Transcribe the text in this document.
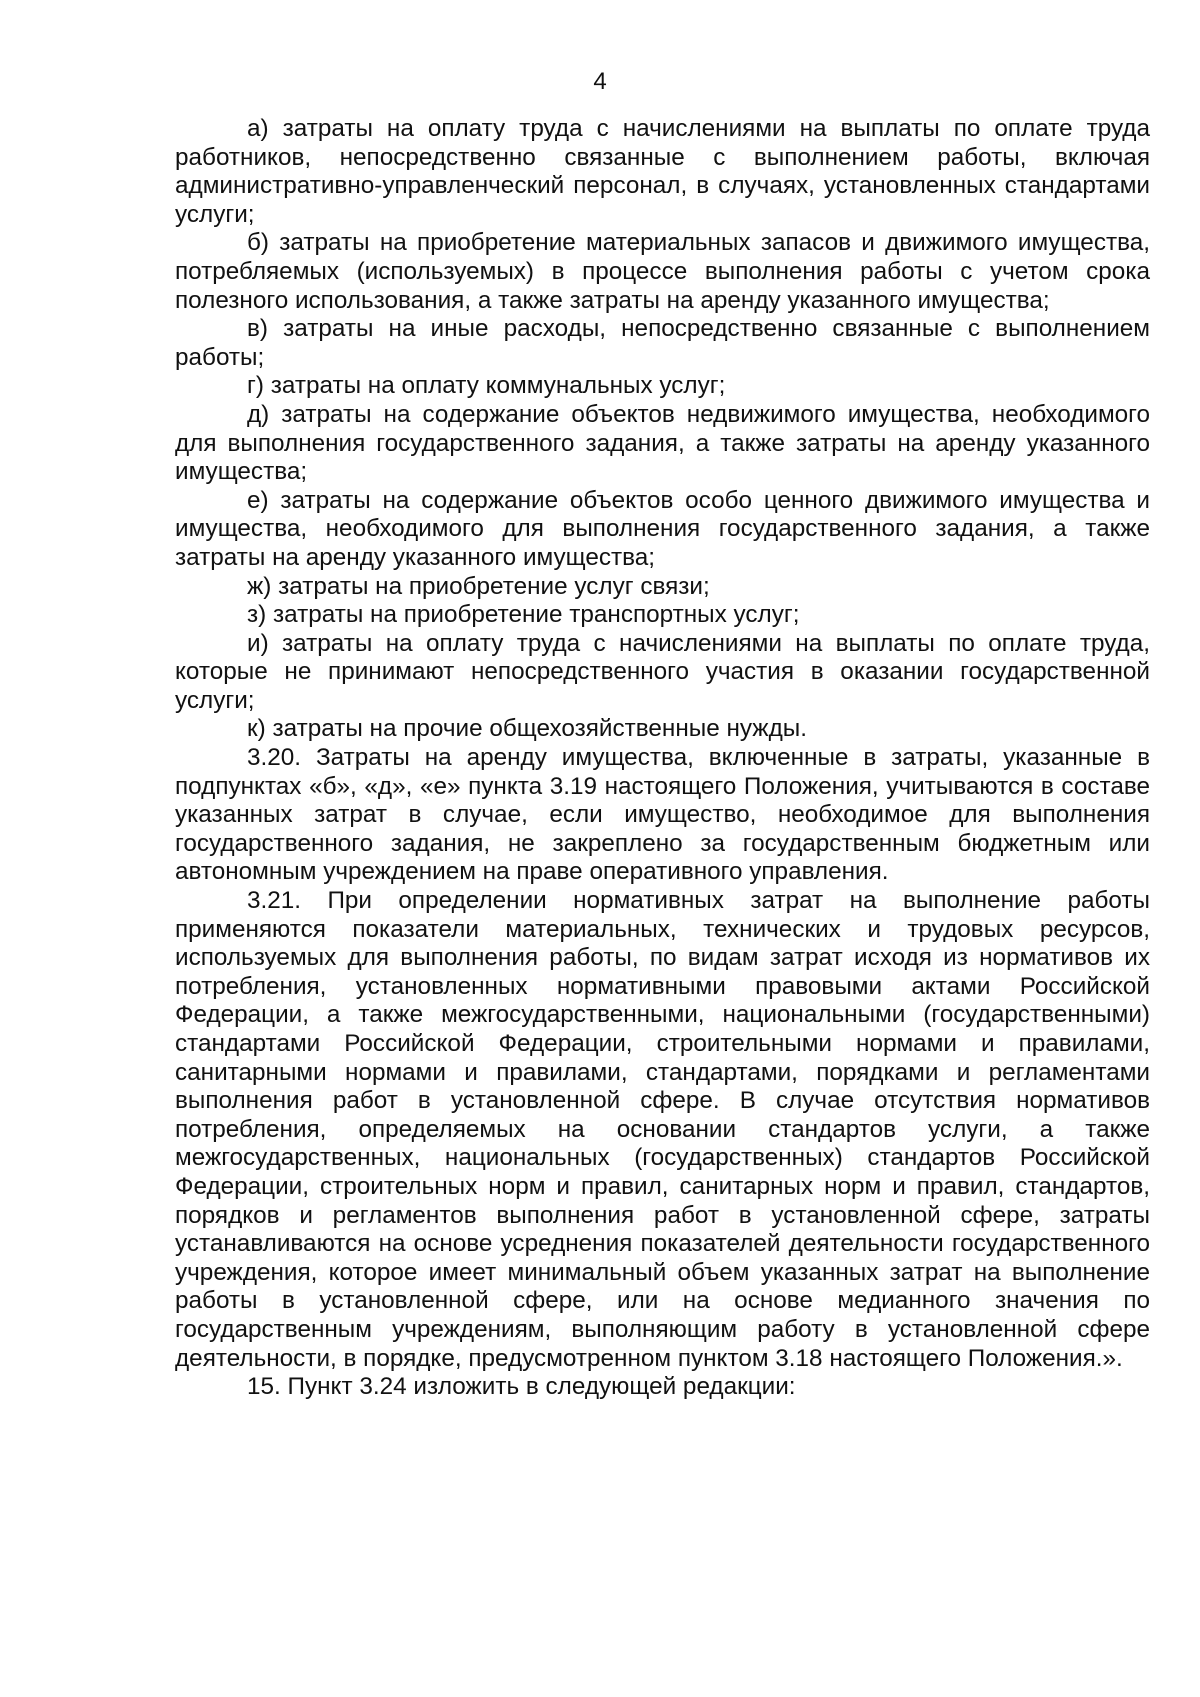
4

а) затраты на оплату труда с начислениями на выплаты по оплате труда работников, непосредственно связанные с выполнением работы, включая административно-управленческий персонал, в случаях, установленных стандартами услуги;

б) затраты на приобретение материальных запасов и движимого имущества, потребляемых (используемых) в процессе выполнения работы с учетом срока полезного использования, а также затраты на аренду указанного имущества;

в) затраты на иные расходы, непосредственно связанные с выполнением работы;

г) затраты на оплату коммунальных услуг;

д) затраты на содержание объектов недвижимого имущества, необходимого для выполнения государственного задания, а также затраты на аренду указанного имущества;

е) затраты на содержание объектов особо ценного движимого имущества и имущества, необходимого для выполнения государственного задания, а также затраты на аренду указанного имущества;

ж) затраты на приобретение услуг связи;

з) затраты на приобретение транспортных услуг;

и) затраты на оплату труда с начислениями на выплаты по оплате труда, которые не принимают непосредственного участия в оказании государственной услуги;

к) затраты на прочие общехозяйственные нужды.

3.20. Затраты на аренду имущества, включенные в затраты, указанные в подпунктах «б», «д», «е» пункта 3.19 настоящего Положения, учитываются в составе указанных затрат в случае, если имущество, необходимое для выполнения государственного задания, не закреплено за государственным бюджетным или автономным учреждением на праве оперативного управления.

3.21. При определении нормативных затрат на выполнение работы применяются показатели материальных, технических и трудовых ресурсов, используемых для выполнения работы, по видам затрат исходя из нормативов их потребления, установленных нормативными правовыми актами Российской Федерации, а также межгосударственными, национальными (государственными) стандартами Российской Федерации, строительными нормами и правилами, санитарными нормами и правилами, стандартами, порядками и регламентами выполнения работ в установленной сфере. В случае отсутствия нормативов потребления, определяемых на основании стандартов услуги, а также межгосударственных, национальных (государственных) стандартов Российской Федерации, строительных норм и правил, санитарных норм и правил, стандартов, порядков и регламентов выполнения работ в установленной сфере, затраты устанавливаются на основе усреднения показателей деятельности государственного учреждения, которое имеет минимальный объем указанных затрат на выполнение работы в установленной сфере, или на основе медианного значения по государственным учреждениям, выполняющим работу в установленной сфере деятельности, в порядке, предусмотренном пунктом 3.18 настоящего Положения.».

15. Пункт 3.24 изложить в следующей редакции:
